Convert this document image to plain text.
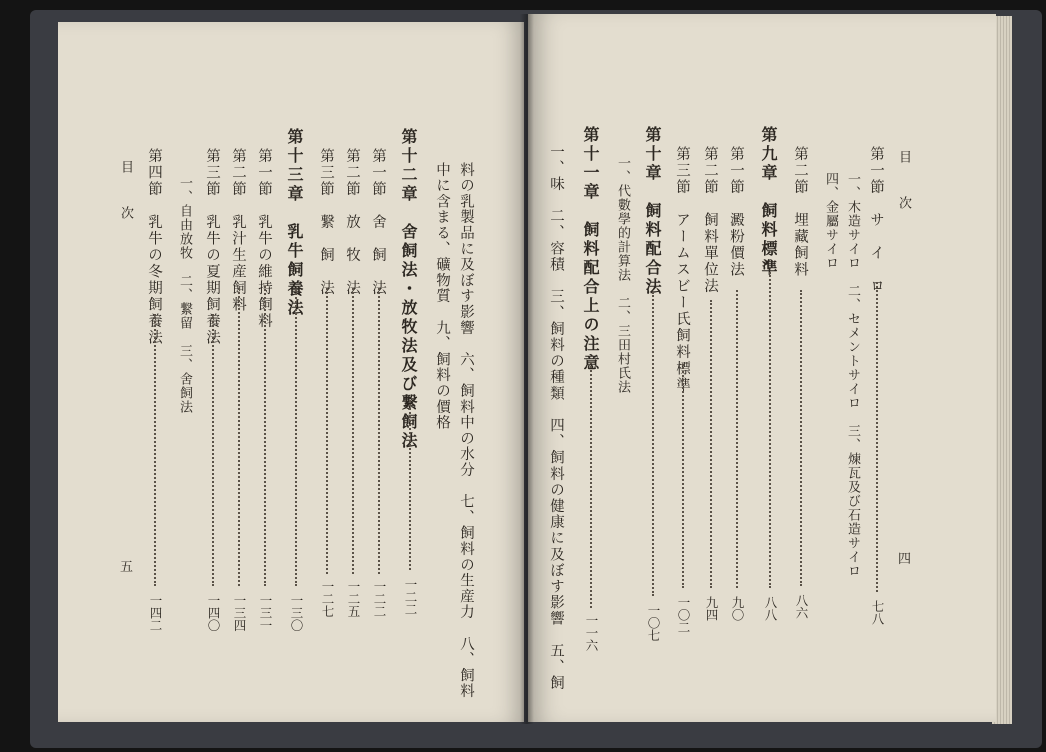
目　次
四
第一節　サ　イ　ロ
七八
一、木造サイロ　二、セメントサイロ　三、煉瓦及び石造サイロ
四、金屬サイロ
第二節　埋藏飼料
八六
第九章　飼料標準
八八
第一節　澱粉價法
九〇
第二節　飼料單位法
九四
第三節　アームスビー氏飼料標準
一〇二
第十章　飼料配合法
一〇七
一、代數學的計算法　二、三田村氏法
第十一章　飼料配合上の注意
一一六
一、味　二、容積　三、飼料の種類　四、飼料の健康に及ぼす影響　五、飼
料の乳製品に及ぼす影響　六、飼料中の水分　七、飼料の生産力　八、飼料
中に含まる、礦物質　九、飼料の價格
第十二章　舍飼法・放牧法及び繋飼法
一二二
第一節　舍　飼　法
一二二
第二節　放　牧　法
一二五
第三節　繋　飼　法
一二七
第十三章　乳牛飼養法
一三〇
第一節　乳牛の維持飼料
一三一
第二節　乳汁生産飼料
一三四
第三節　乳牛の夏期飼養法
一四〇
一、自由放牧　二、繋留　三、舍飼法
第四節　乳牛の冬期飼養法
一四二
目　次
五
